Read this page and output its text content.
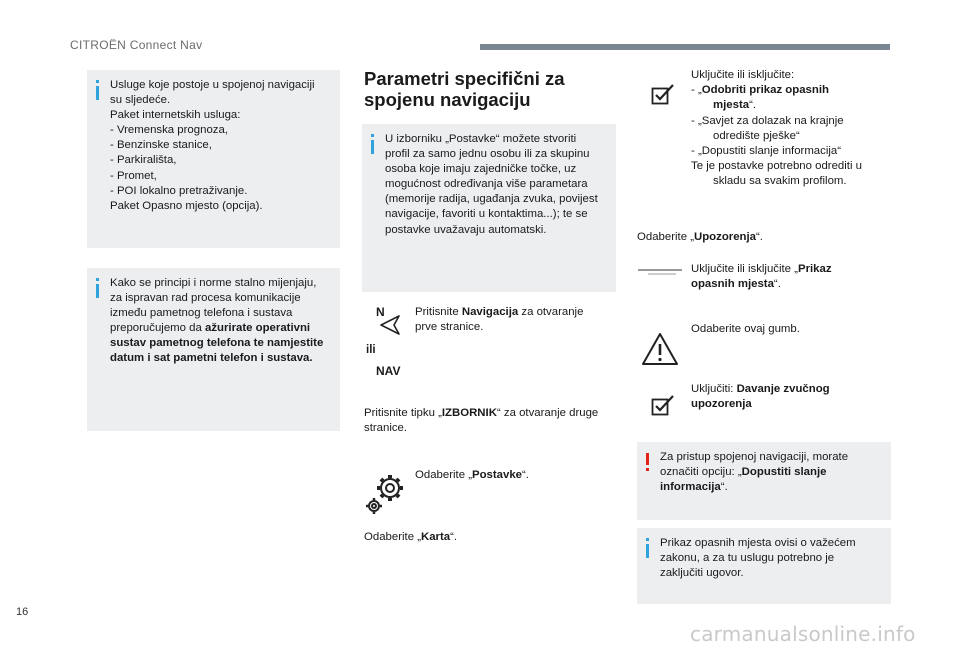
CITROËN Connect Nav
Usluge koje postoje u spojenoj navigaciji
su sljedeće.
Paket internetskih usluga:
- Vremenska prognoza,
- Benzinske stanice,
- Parkirališta,
- Promet,
- POI lokalno pretraživanje.
Paket Opasno mjesto (opcija).
Kako se principi i norme stalno mijenjaju,
za ispravan rad procesa komunikacije
između pametnog telefona i sustava
preporučujemo da ažurirate operativni
sustav pametnog telefona te namjestite
datum i sat pametni telefon i sustava.
Parametri specifični za
spojenu navigaciju
U izborniku „Postavke“ možete stvoriti
profil za samo jednu osobu ili za skupinu
osoba koje imaju zajedničke točke, uz
mogućnost određivanja više parametara
(memorije radija, ugađanja zvuka, povijest
navigacije, favoriti u kontaktima...); te se
postavke uvažavaju automatski.
N
ili
NAV
Pritisnite Navigacija za otvaranje
prve stranice.
Pritisnite tipku „IZBORNIK“ za otvaranje druge
stranice.
Odaberite „Postavke“.
Odaberite „Karta“.
Uključite ili isključite:
- „Odobriti prikaz opasnih
mjesta“.
- „Savjet za dolazak na krajnje
odredište pješke“
- „Dopustiti slanje informacija“
Te je postavke potrebno odrediti u
skladu sa svakim profilom.
Odaberite „Upozorenja“.
Uključite ili isključite „Prikaz
opasnih mjesta“.
Odaberite ovaj gumb.
Uključiti: Davanje zvučnog
upozorenja
Za pristup spojenoj navigaciji, morate
označiti opciju: „Dopustiti slanje
informacija“.
Prikaz opasnih mjesta ovisi o važećem
zakonu, a za tu uslugu potrebno je
zaključiti ugovor.
16
carmanualsonline.info
